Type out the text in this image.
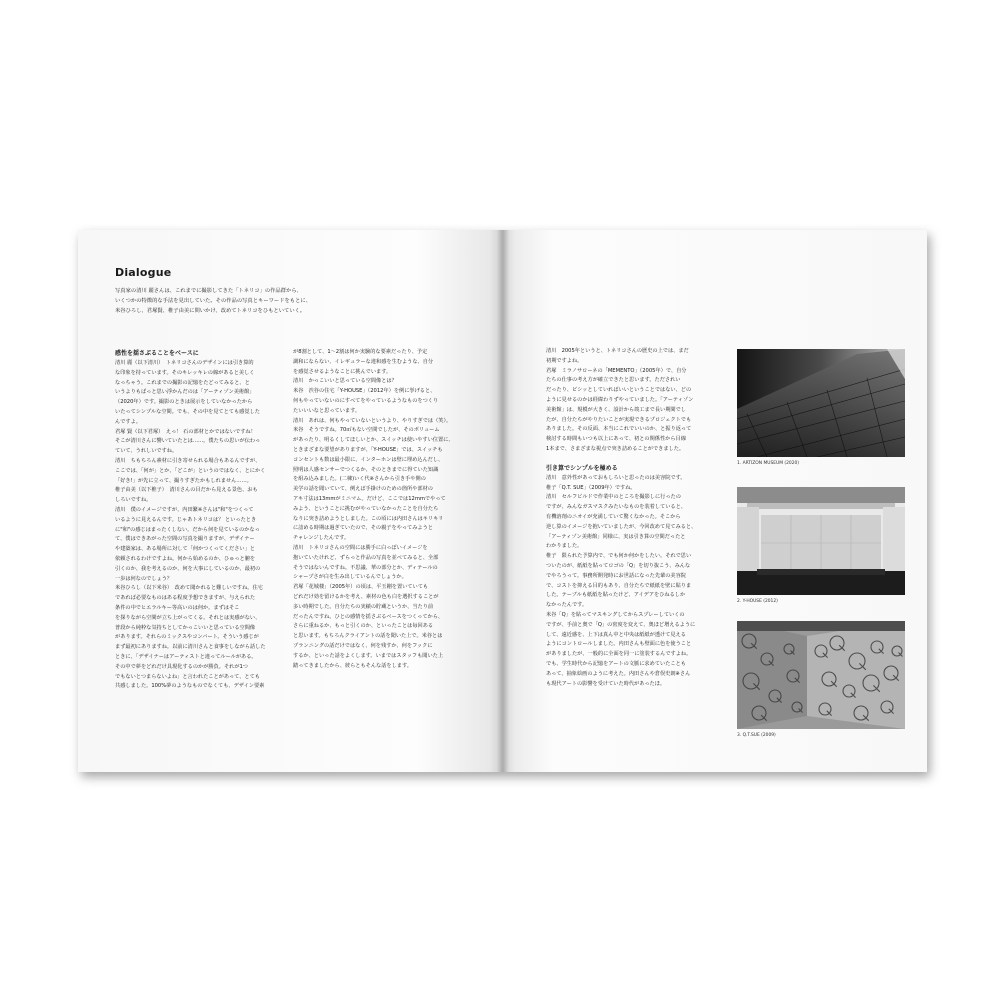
Dialogue
写真家の清川 麗さんは、これまでに撮影してきた「トネリコ」の作品群から、
いくつかの特徴的な手法を見出していた。その作品の写真とキーワードをもとに、
米谷ひろし、君塚賢、椎子由美に問いかけ、改めてトネリコをひもといていく。
感性を揺さぶることをベースに
清川 麗（以下清川）　トネリコさんのデザインには引き算的
な印象を持っています。そのキレッキレの線があると美しく
なっちゃう。これまでの撮影の記憶をたどってみると、と
いうよりもぱっと思い浮かんだのは「アーティゾン美術館」
（2020年）です。撮影のときは展示をしていなかったから
いたってシンプルな空間。でも、その中を見てとても感覚した
んですよ。
君塚 賢（以下君塚）　えっ！ 石の部材とかではないですね！
そこが清川さんに響いていたとは……。僕たちの思いが伝わっ
ていて、うれしいですね。
清川　ちもちろん素材に引き寄せられる場合もあるんですが、
ここでは、「何が」とか、「どこが」というのではなく、とにかく
「好き!」が先に立って、撮りすぎたかもしれません……。
椎子由美（以下椎子）　清川さんの目だから見える景色、おも
しろいですね。
清川　僕のイメージですが、内田繁※さんは"和"をつくって
いるように見えるんです。じゃあトネリコは？ といったとき
に"和"の感じはまったくしない。だから何を見ているのかなっ
て、僕はできあがった空間の写真を撮りますが、デザイナー
や建築家は、ある場所に対して「何かつくってください」と
依頼されるわけですよね。何から始めるのか、ひゅっと腑を
引くのか、我を考えるのか、何を大事にしているのか、最初の
一歩は何なのでしょう？
米谷ひろし（以下米谷）　改めて聞かれると難しいですね。住宅
であれば必要なものはある程度予想できますが、与えられた
条件の中でヒエラルキー等高いのは何か。まずはそこ
を探りながら空間が立ち上がってくる。それとは実感がない、
普段から純粋な気持ちとしてかっこいいと思っている空間像
があります。それらのミックスやコンバート。そういう感じが
まず最初にありますね。以前に清川さんと食事をしながら話した
ときに、「デザイナーはアーティストと違ってルールがある。
その中で夢をどれだけ具現化するのかが勝負。それが1つ
でもないとつまらないよね」と言われたことがあって、とても
共感しました。100%夢のようなものでなくても、デザイン要素
が8割として、1～2割は何か実験的な要素だったり、予定
調和にならない、イレギュラーな違和感を生むような、自分
を感覚させるようなことに挑んでいます。
清川　かっこいいと思っている空間像とは？
米谷　渋谷の住宅「Y-HOUSE」（2012年）を例に挙げると、
何もやっていないのにすべてをやっているようなものをつくり
たいいいなと思っています。
清川　あれは、何もやっていないというより、やりすぎでは（笑）。
米谷　そうですね。70㎡もない空間でしたが、そのボリューム
があったり、明るくしてほしいとか、スイッチは使いやすい位置に、
ときまざまな要望がありますが、「Y-HOUSE」では、スイッチも
コンセントも数は最小限に、インターホンは壁に埋め込んだし、
照明は人感センサーでつくるか、そのときまでに得ていた知識
を組み込みました。(二棟)いく代※さんから引き手や開の
美学の話を聞いていて、例えば手掛けのための箇所や部材の
アキ寸法は13mmがミニマム。だけど、ここでは12mmでやって
みよう、ということに挑むがやっていなかったことを自分たち
なりに突き詰めようとしました。この頃には内田さんはキリキリ
に詰める時期は過ぎていたので、その親子をやってみようと
チャレンジしたんです。
清川　トネリコさんの空間には勝手に白っぽいイメージを
抱いていたけれど、ずらっと作品の写真を並べてみると、全部
そうではないんですね。不思議、華の部分とか、ディテールの
シャープさが白を生み出しているんでしょうか。
君塚「花城楼」（2005年）の頃は、平玉剛を置いていても
どれだけ効を留けるかを考え、素材の色も白を選択することが
多い時期でした。自分たちの実績の貯蔵というか、当たり前
だったんですね。ひとの感情を揺さぶるベースをつくってから、
さらに重ねるか、もっと引くのか、といったことは毎回ある
と思います。もちろんクライアントの話を聞いた上で。米谷とは
プランニングの話だけではなく、何を残すか、何をフックに
するか、といった話をよくします。いまではスタッフも聞いた上
踏ってきましたから、彼らともそんな話をします。
清川　2005年というと、トネリコさんの歴史の上では、まだ
初期ですよね。
君塚　ミラノサローネの「MEMENTO」（2005年）で、自分
たちの仕事の考え方が確立できたと思います。ただされい
だったり、ピシッとしていればいいということではない、どの
ように見せるのかは経緯わりずやっていました。「アーティゾン
美術館」は、規模が大きく、設計から竣工まで長い期間でし
たが、自分たちがやりたいことが実現できるプロジェクトでも
ありました。その反面、本当にこれでいいのか、と振り返って
検討する時間もいつも以上にあって、初との関係性から目線
1本まで、さまざまな視点で突き詰めることができました。
引き算でシンプルを極める
清川　意外性があっておもしろいと思ったのは美容院です。
椎子「Q.T. SUE」（2009年）ですね。
清川　セルフビルドで作業中のところを撮影しに行ったの
ですが、みんなガスマスクみたいなものを装着していると、
有機溶剤のニオイが充満していて驚くなかった。そこから
逆し算のイメージを抱いていましたが、今回改めて見てみると、
「アーティゾン美術館」同様に、実は引き算の空間だったと
わかりました。
椎子　限られた予算内で、でも何か何かをしたい。それで思い
ついたのが、紙紙を貼ってロゴの「Q」を切り抜こう、みんな
でやろうって。事務所開発時にお世話になった先輩の美容院
で、コストを抑える目的もあり、自分たちで紙紙を壁に貼りま
した。テーブルも紙紙を貼ったけど、アイデアをひねるしか
なかったんです。
米谷「Q」を貼ってマスキングしてからスプレーしていくの
ですが、手前と奥で「Q」の密度を変えて、奥ほど増えるように
して、遠近感を、上下は真ん中と中央は紙紙が透けて見える
ようにコントロールしました。内田さんも壁面に色を使うこと
がありましたが、一般的に全面を同一に塗装するんですよね。
でも、学生時代から記憶をアートの文脈に求めていたことも
あって、抽象絵画のように考えた。内田さんや倉俣史朗※さん
も現代アートの影響を受けていた時代があったほ。
1. ARTIZON MUSEUM (2020)
2. Y-HOUSE (2012)
3. Q.T.SUE (2009)
